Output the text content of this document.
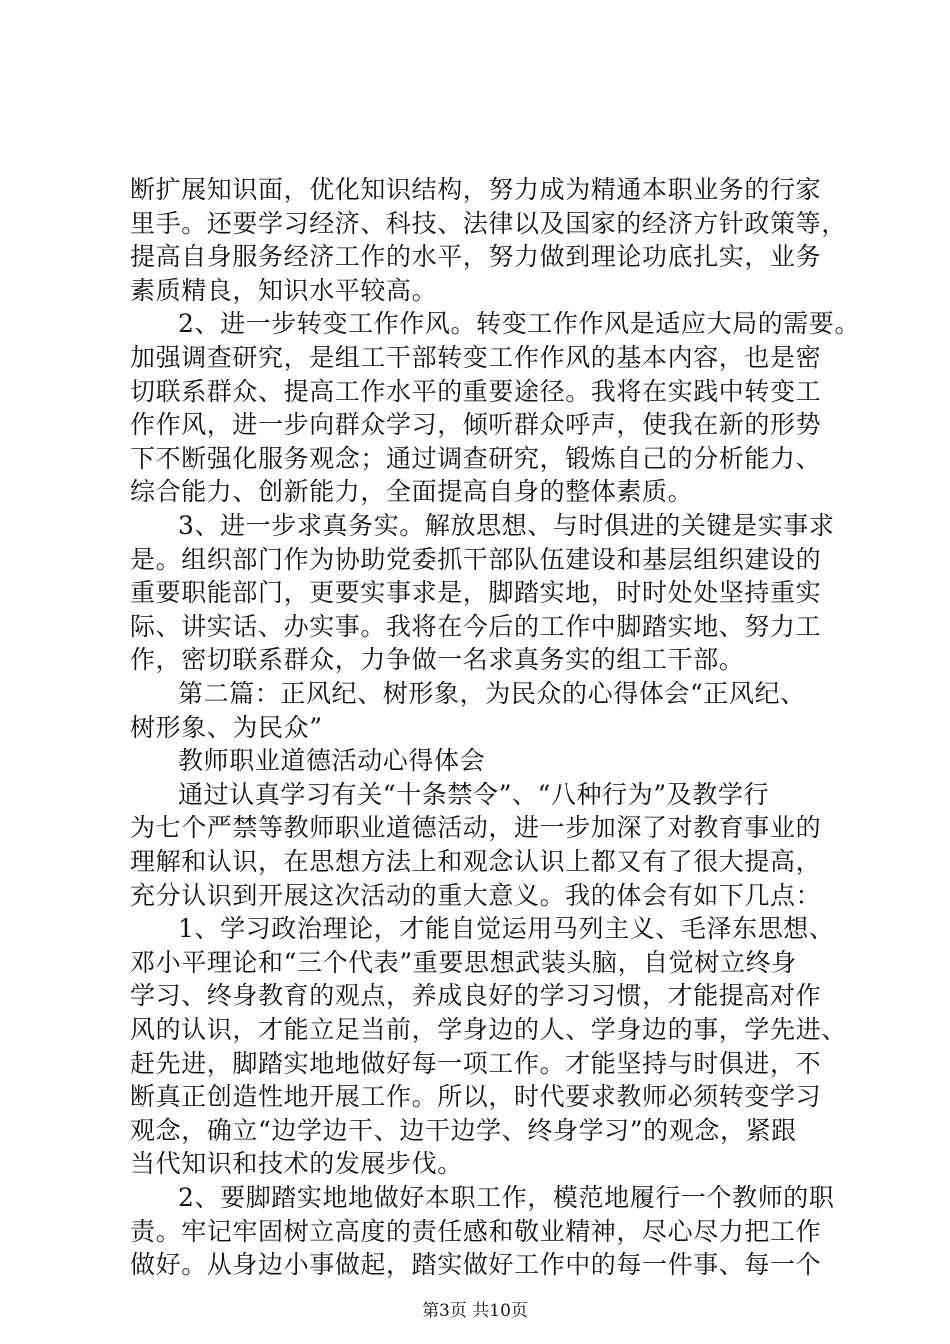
断扩展知识面，优化知识结构，努力成为精通本职业务的行家
里手。还要学习经济、科技、法律以及国家的经济方针政策等，
提高自身服务经济工作的水平，努力做到理论功底扎实，业务
素质精良，知识水平较高。
2、进一步转变工作作风。转变工作作风是适应大局的需要。
加强调查研究，是组工干部转变工作作风的基本内容，也是密
切联系群众、提高工作水平的重要途径。我将在实践中转变工
作作风，进一步向群众学习，倾听群众呼声，使我在新的形势
下不断强化服务观念；通过调查研究，锻炼自己的分析能力、
综合能力、创新能力，全面提高自身的整体素质。
3、进一步求真务实。解放思想、与时俱进的关键是实事求
是。组织部门作为协助党委抓干部队伍建设和基层组织建设的
重要职能部门，更要实事求是，脚踏实地，时时处处坚持重实
际、讲实话、办实事。我将在今后的工作中脚踏实地、努力工
作，密切联系群众，力争做一名求真务实的组工干部。
第二篇：正风纪、树形象，为民众的心得体会“正风纪、
树形象、为民众”
教师职业道德活动心得体会
通过认真学习有关“十条禁令”、“八种行为”及教学行
为七个严禁等教师职业道德活动，进一步加深了对教育事业的
理解和认识，在思想方法上和观念认识上都又有了很大提高，
充分认识到开展这次活动的重大意义。我的体会有如下几点：
1、学习政治理论，才能自觉运用马列主义、毛泽东思想、
邓小平理论和“三个代表”重要思想武装头脑，自觉树立终身
学习、终身教育的观点，养成良好的学习习惯，才能提高对作
风的认识，才能立足当前，学身边的人、学身边的事，学先进、
赶先进，脚踏实地地做好每一项工作。才能坚持与时俱进，不
断真正创造性地开展工作。所以，时代要求教师必须转变学习
观念，确立“边学边干、边干边学、终身学习”的观念，紧跟
当代知识和技术的发展步伐。
2、要脚踏实地地做好本职工作，模范地履行一个教师的职
责。牢记牢固树立高度的责任感和敬业精神，尽心尽力把工作
做好。从身边小事做起，踏实做好工作中的每一件事、每一个
第3页 共10页
